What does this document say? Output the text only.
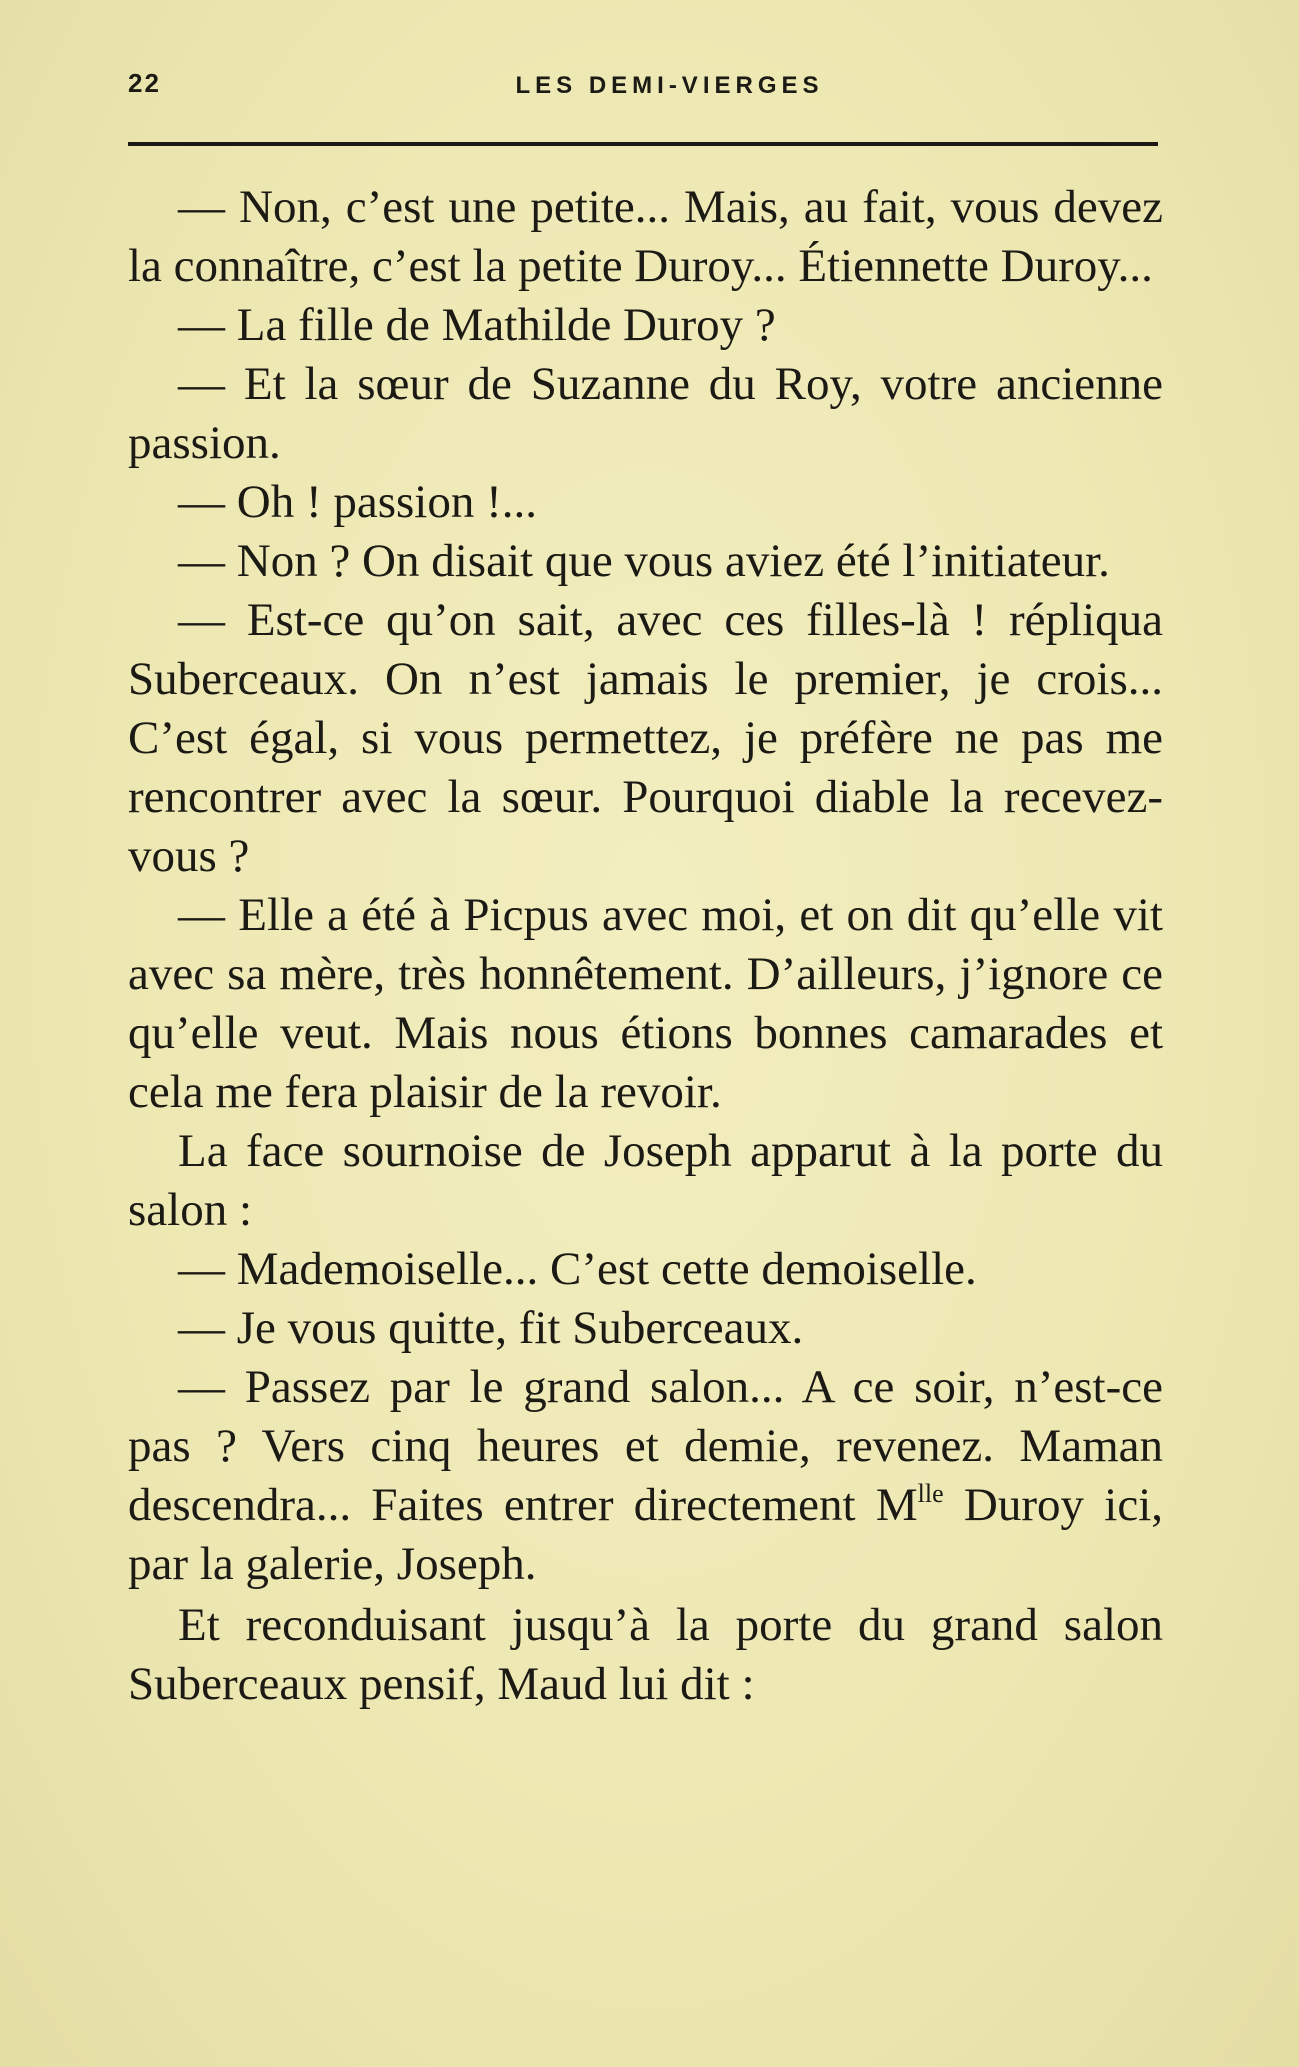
22	LES DEMI-VIERGES

— Non, c’est une petite... Mais, au fait, vous devez la connaître, c’est la petite Duroy... Étiennette Duroy...

— La fille de Mathilde Duroy ?

— Et la sœur de Suzanne du Roy, votre ancienne passion.

— Oh ! passion !...

— Non ? On disait que vous aviez été l’initiateur.

— Est-ce qu’on sait, avec ces filles-là ! répliqua Suberceaux. On n’est jamais le premier, je crois... C’est égal, si vous permettez, je préfère ne pas me rencontrer avec la sœur. Pourquoi diable la recevez-vous ?

— Elle a été à Picpus avec moi, et on dit qu’elle vit avec sa mère, très honnêtement. D’ailleurs, j’ignore ce qu’elle veut. Mais nous étions bonnes camarades et cela me fera plaisir de la revoir.

La face sournoise de Joseph apparut à la porte du salon :

— Mademoiselle... C’est cette demoiselle.

— Je vous quitte, fit Suberceaux.

— Passez par le grand salon... A ce soir, n’est-ce pas ? Vers cinq heures et demie, revenez. Maman descendra... Faites entrer directement $M^{lle}$ Duroy ici, par la galerie, Joseph.

Et reconduisant jusqu’à la porte du grand salon Suberceaux pensif, Maud lui dit :
